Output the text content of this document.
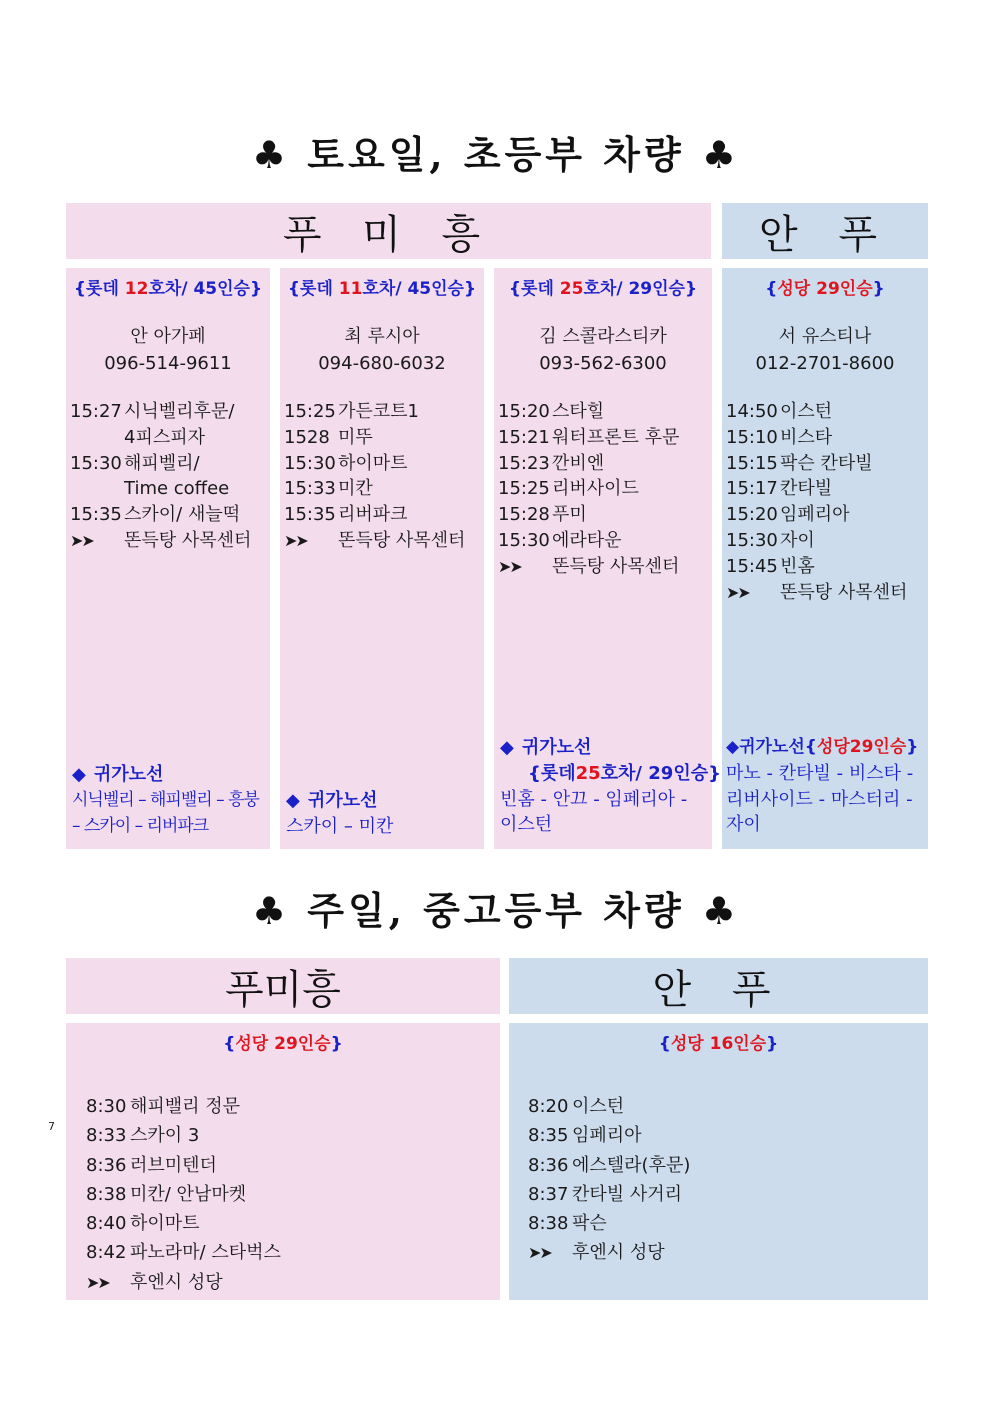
♣ 토요일, 초등부 차량 ♣
푸 미 흥	안 푸
{롯데 12호차/ 45인승}
안 아가페
096-514-9611
15:27 시닉벨리후문/
4피스피자
15:30 해피벨리/
Time coffee
15:35 스카이/ 새늘떡
➤➤	똔득탕 사목센터
◆ 귀가노선
시닉벨리 – 해피밸리 – 흥붕 – 스카이 – 리버파크
{롯데 11호차/ 45인승}
최 루시아
094-680-6032
15:25 가든코트1
1528 미뚜
15:30 하이마트
15:33 미칸
15:35 리버파크
➤➤	똔득탕 사목센터
◆ 귀가노선
스카이 – 미칸
{롯데 25호차/ 29인승}
김 스콜라스티카
093-562-6300
15:20 스타힐
15:21 워터프론트 후문
15:23 깐비엔
15:25 리버사이드
15:28 푸미
15:30 에라타운
➤➤	똔득탕 사목센터
◆ 귀가노선
{롯데25호차/ 29인승}
빈홈 - 안끄 - 임페리아 - 이스턴
{성당 29인승}
서 유스티나
012-2701-8600
14:50 이스턴
15:10 비스타
15:15 팍슨 칸타빌
15:17 칸타빌
15:20 임페리아
15:30 자이
15:45 빈홈
➤➤	똔득탕 사목센터
◆귀가노선{성당29인승}
마노 - 칸타빌 - 비스타 - 리버사이드 - 마스터리 - 자이
♣ 주일, 중고등부 차량 ♣
푸미흥	안 푸
{성당 29인승}
8:30 해피밸리 정문
8:33 스카이 3
8:36 러브미텐더
8:38 미칸/ 안남마켓
8:40 하이마트
8:42 파노라마/ 스타벅스
➤➤	후엔시 성당
{성당 16인승}
8:20 이스턴
8:35 임페리아
8:36 에스텔라(후문)
8:37 칸타빌 사거리
8:38 팍슨
➤➤	후엔시 성당
7
